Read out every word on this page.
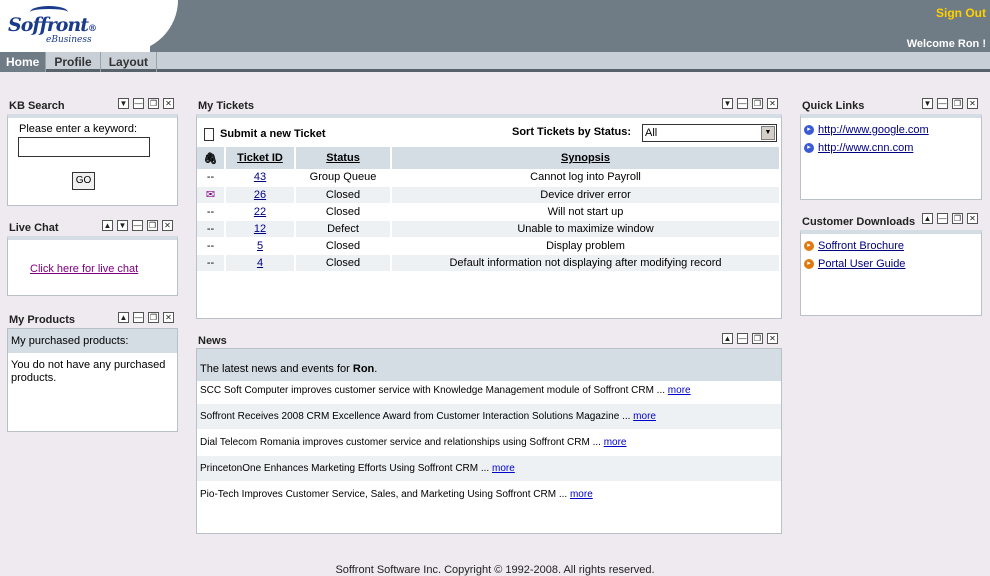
Soffront®
eBusiness
Sign Out
Welcome Ron !
Home	Profile	Layout
KB Search	▼ — ❐ ✕
Please enter a keyword:
GO
Live Chat	▲ ▼ — ❐ ✕
Click here for live chat
My Products	▲ — ❐ ✕
My purchased products:
You do not have any purchased products.
My Tickets	▼ — ❐ ✕
Submit a new Ticket	Sort Tickets by Status: All	▼
🖇	Ticket ID	Status	Synopsis
--	43	Group Queue	Cannot log into Payroll
✉	26	Closed	Device driver error
--	22	Closed	Will not start up
--	12	Defect	Unable to maximize window
--	5	Closed	Display problem
--	4	Closed	Default information not displaying after modifying record
News	▲ — ❐ ✕
The latest news and events for Ron.
SCC Soft Computer improves customer service with Knowledge Management module of Soffront CRM ... more
Soffront Receives 2008 CRM Excellence Award from Customer Interaction Solutions Magazine ... more
Dial Telecom Romania improves customer service and relationships using Soffront CRM ... more
PrincetonOne Enhances Marketing Efforts Using Soffront CRM ... more
Pio-Tech Improves Customer Service, Sales, and Marketing Using Soffront CRM ... more
Quick Links	▼ — ❐ ✕
▸ http://www.google.com
▸ http://www.cnn.com
Customer Downloads ▲ — ❐ ✕
▸ Soffront Brochure
▸ Portal User Guide
Soffront Software Inc. Copyright © 1992-2008. All rights reserved.
